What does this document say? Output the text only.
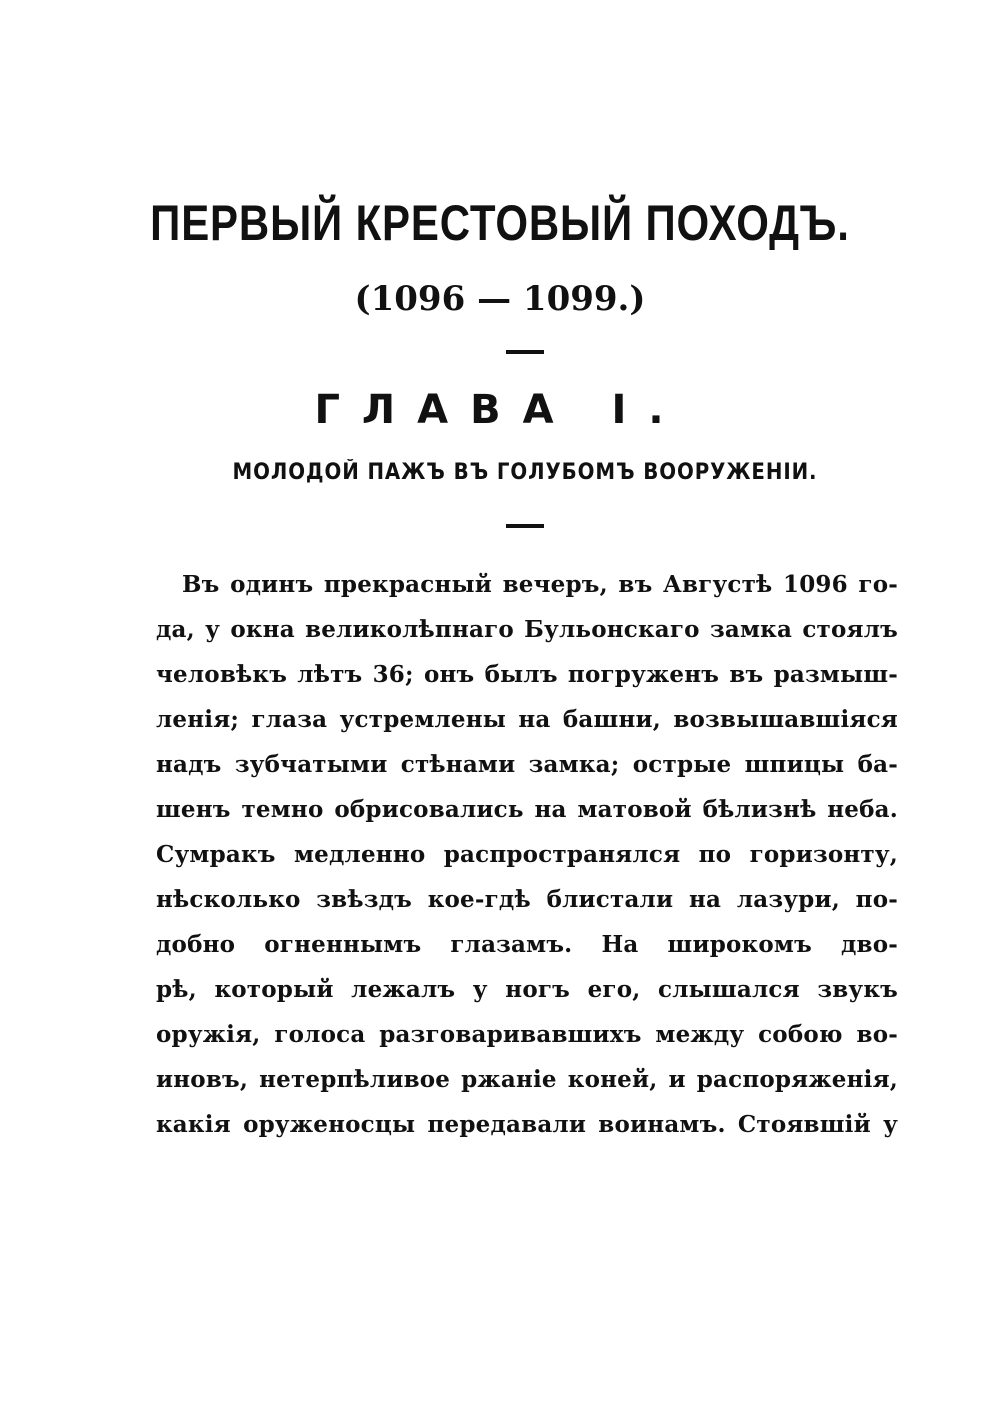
ПЕРВЫЙ КРЕСТОВЫЙ ПОХОДЪ.
(1096 — 1099.)
ГЛАВА I.
МОЛОДОЙ ПАЖЪ ВЪ ГОЛУБОМЪ ВООРУЖЕНІИ.
Въ одинъ прекрасный вечеръ, въ Августѣ 1096 го-
да, у окна великолѣпнаго Бульонскаго замка стоялъ
человѣкъ лѣтъ 36; онъ былъ погруженъ въ размыш-
ленія; глаза устремлены на башни, возвышавшіяся
надъ зубчатыми стѣнами замка; острые шпицы ба-
шенъ темно обрисовались на матовой бѣлизнѣ неба.
Сумракъ медленно распространялся по горизонту,
нѣсколько звѣздъ кое-гдѣ блистали на лазури, по-
добно огненнымъ глазамъ. На широкомъ дво-
рѣ, который лежалъ у ногъ его, слышался звукъ
оружія, голоса разговаривавшихъ между собою во-
иновъ, нетерпѣливое ржаніе коней, и распоряженія,
какія оруженосцы передавали воинамъ. Стоявшій у
